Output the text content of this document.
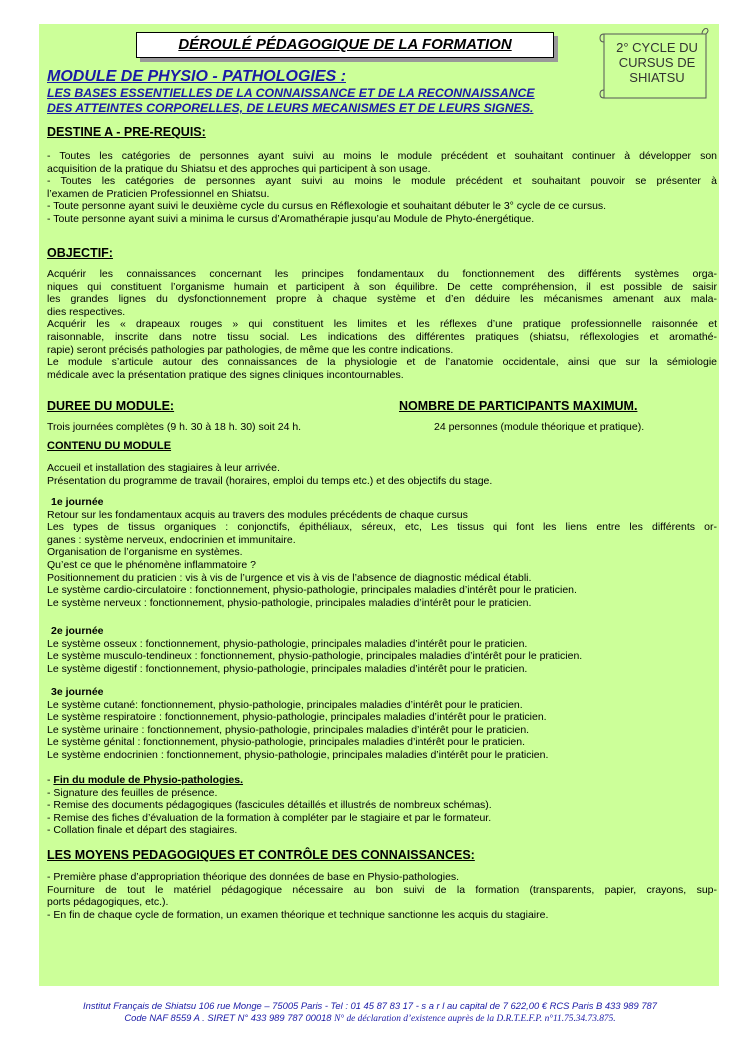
DÉROULÉ PÉDAGOGIQUE DE LA FORMATION	2° CYCLE DU
CURSUS DE
SHIATSU
MODULE DE PHYSIO - PATHOLOGIES :
LES BASES ESSENTIELLES DE LA CONNAISSANCE ET DE LA RECONNAISSANCE
DES ATTEINTES CORPORELLES, DE LEURS MECANISMES ET DE LEURS SIGNES.
DESTINE A - PRE-REQUIS:
- Toutes les catégories de personnes ayant suivi au moins le module précédent et souhaitant continuer à développer son
acquisition de la pratique du Shiatsu et des approches qui participent à son usage.
- Toutes les catégories de personnes ayant suivi au moins le module précédent et souhaitant pouvoir se présenter à
l’examen de Praticien Professionnel en Shiatsu.
- Toute personne ayant suivi le deuxième cycle du cursus en Réflexologie et souhaitant débuter le 3° cycle de ce cursus.
- Toute personne ayant suivi a minima le cursus d’Aromathérapie jusqu’au Module de Phyto-énergétique.
OBJECTIF:
Acquérir les connaissances concernant les principes fondamentaux du fonctionnement des différents systèmes orga-
niques qui constituent l’organisme humain et participent à son équilibre. De cette compréhension, il est possible de saisir
les grandes lignes du dysfonctionnement propre à chaque système et d’en déduire les mécanismes amenant aux mala-
dies respectives.
Acquérir les « drapeaux rouges » qui constituent les limites et les réflexes d’une pratique professionnelle raisonnée et
raisonnable, inscrite dans notre tissu social. Les indications des différentes pratiques (shiatsu, réflexologies et aromathé-
rapie) seront précisés pathologies par pathologies, de même que les contre indications.
Le module s’articule autour des connaissances de la physiologie et de l’anatomie occidentale, ainsi que sur la sémiologie
médicale avec la présentation pratique des signes cliniques incontournables.
DUREE DU MODULE:
Trois journées complètes (9 h. 30 à 18 h. 30) soit 24 h.
NOMBRE DE PARTICIPANTS MAXIMUM.
24 personnes (module théorique et pratique).
CONTENU DU MODULE
Accueil et installation des stagiaires à leur arrivée.
Présentation du programme de travail (horaires, emploi du temps etc.) et des objectifs du stage.
1e journée
Retour sur les fondamentaux acquis au travers des modules précédents de chaque cursus
Les types de tissus organiques : conjonctifs, épithéliaux, séreux, etc, Les tissus qui font les liens entre les différents or-
ganes : système nerveux, endocrinien et immunitaire.
Organisation de l’organisme en systèmes.
Qu’est ce que le phénomène inflammatoire ?
Positionnement du praticien : vis à vis de l’urgence et vis à vis de l’absence de diagnostic médical établi.
Le système cardio-circulatoire : fonctionnement, physio-pathologie, principales maladies d’intérêt pour le praticien.
Le système nerveux : fonctionnement, physio-pathologie, principales maladies d’intérêt pour le praticien.
2e journée
Le système osseux : fonctionnement, physio-pathologie, principales maladies d’intérêt pour le praticien.
Le système musculo-tendineux : fonctionnement, physio-pathologie, principales maladies d’intérêt pour le praticien.
Le système digestif : fonctionnement, physio-pathologie, principales maladies d’intérêt pour le praticien.
3e journée
Le système cutané: fonctionnement, physio-pathologie, principales maladies d’intérêt pour le praticien.
Le système respiratoire : fonctionnement, physio-pathologie, principales maladies d’intérêt pour le praticien.
Le système urinaire : fonctionnement, physio-pathologie, principales maladies d’intérêt pour le praticien.
Le système génital : fonctionnement, physio-pathologie, principales maladies d’intérêt pour le praticien.
Le système endocrinien : fonctionnement, physio-pathologie, principales maladies d’intérêt pour le praticien.
- Fin du module de Physio-pathologies.
- Signature des feuilles de présence.
- Remise des documents pédagogiques (fascicules détaillés et illustrés de nombreux schémas).
- Remise des fiches d’évaluation de la formation à compléter par le stagiaire et par le formateur.
- Collation finale et départ des stagiaires.
LES MOYENS PEDAGOGIQUES ET CONTRÔLE DES CONNAISSANCES:
- Première phase d’appropriation théorique des données de base en Physio-pathologies.
Fourniture de tout le matériel pédagogique nécessaire au bon suivi de la formation (transparents, papier, crayons, sup-
ports pédagogiques, etc.).
- En fin de chaque cycle de formation, un examen théorique et technique sanctionne les acquis du stagiaire.
Institut Français de Shiatsu 106 rue Monge – 75005 Paris - Tel : 01 45 87 83 17 - s a r l au capital de 7 622,00 € RCS Paris B 433 989 787
Code NAF 8559 A . SIRET N° 433 989 787 00018 N° de déclaration d’existence auprès de la D.R.T.E.F.P. n°11.75.34.73.875.
